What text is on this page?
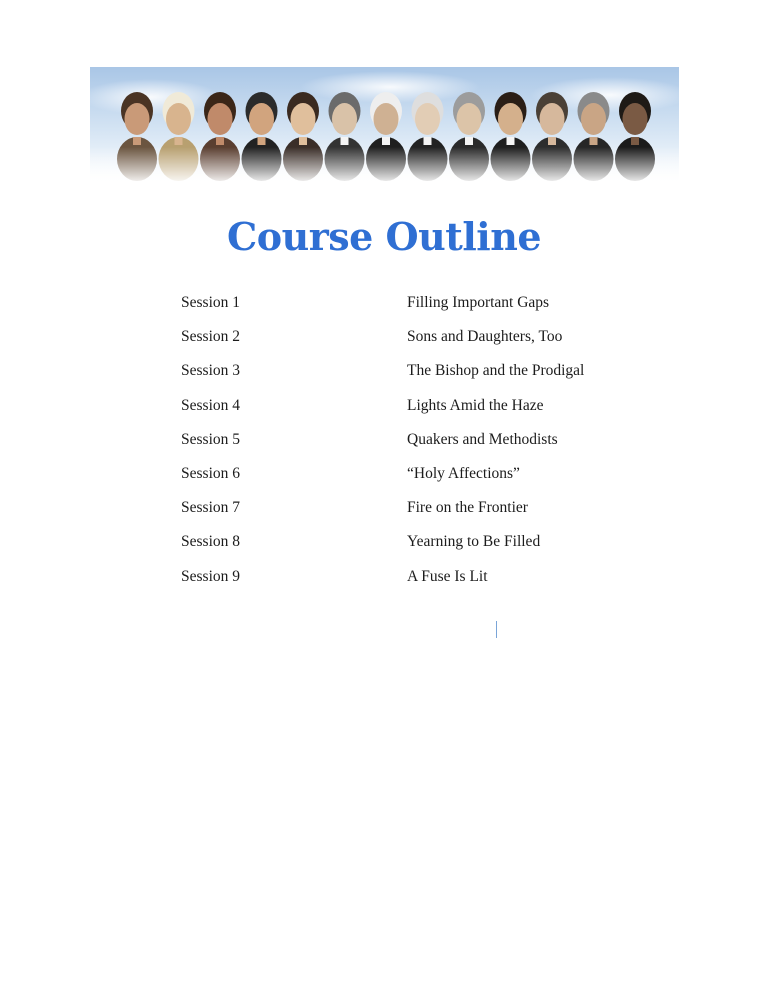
Course Outline
Session 1	Filling Important Gaps
Session 2	Sons and Daughters, Too
Session 3	The Bishop and the Prodigal
Session 4	Lights Amid the Haze
Session 5	Quakers and Methodists
Session 6	“Holy Affections”
Session 7	Fire on the Frontier
Session 8	Yearning to Be Filled
Session 9	A Fuse Is Lit
